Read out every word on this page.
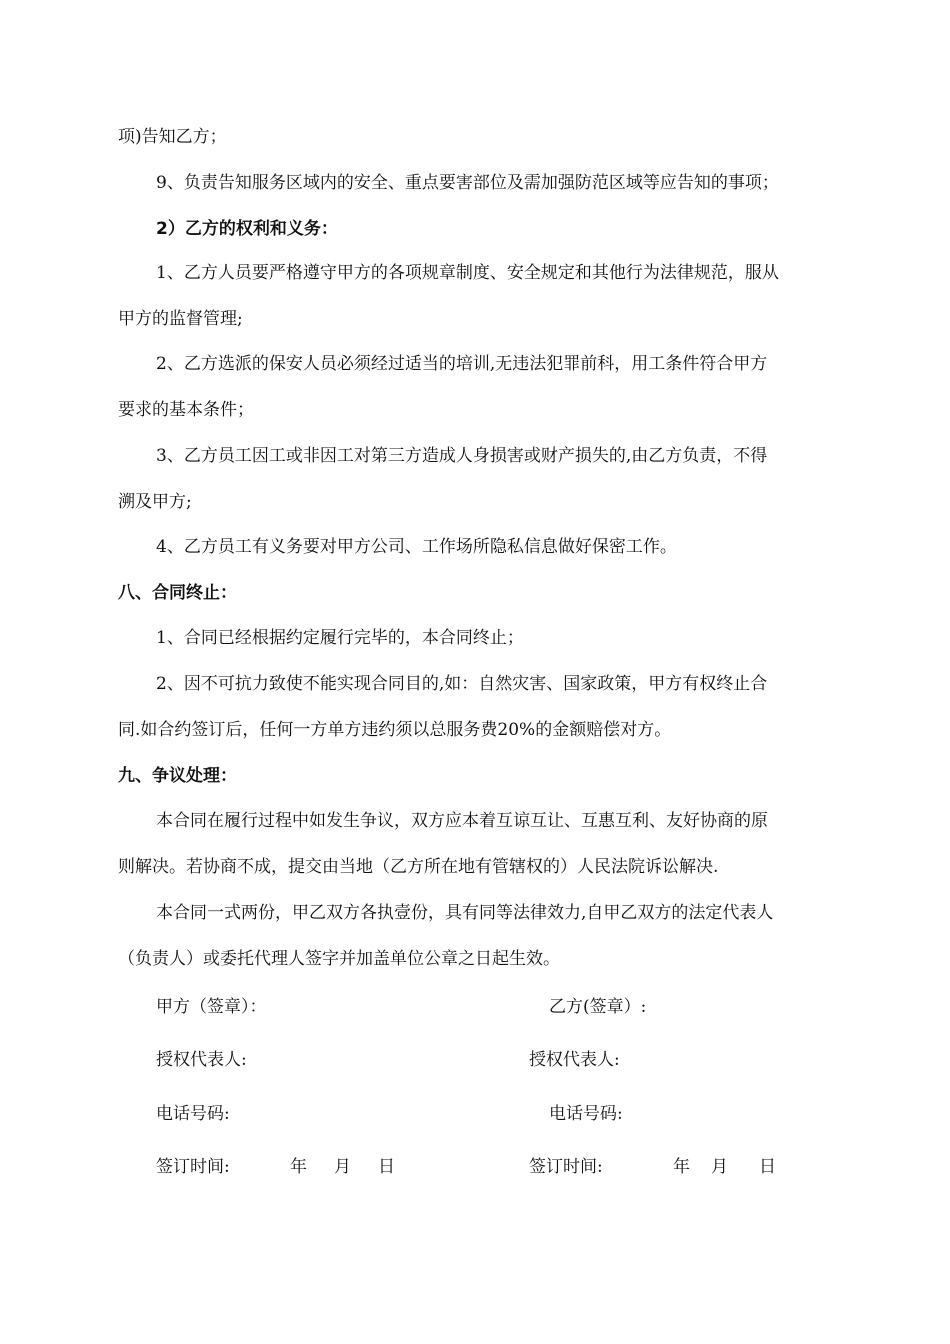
项)告知乙方；
9、负责告知服务区域内的安全、重点要害部位及需加强防范区域等应告知的事项；
2）乙方的权利和义务：
1、乙方人员要严格遵守甲方的各项规章制度、安全规定和其他行为法律规范，服从
甲方的监督管理;
2、乙方选派的保安人员必须经过适当的培训,无违法犯罪前科，用工条件符合甲方
要求的基本条件；
3、乙方员工因工或非因工对第三方造成人身损害或财产损失的,由乙方负责，不得
溯及甲方;
4、乙方员工有义务要对甲方公司、工作场所隐私信息做好保密工作。
八、合同终止：
1、合同已经根据约定履行完毕的，本合同终止；
2、因不可抗力致使不能实现合同目的,如：自然灾害、国家政策，甲方有权终止合
同.如合约签订后，任何一方单方违约须以总服务费20%的金额赔偿对方。
九、争议处理：
本合同在履行过程中如发生争议，双方应本着互谅互让、互惠互利、友好协商的原
则解决。若协商不成，提交由当地（乙方所在地有管辖权的）人民法院诉讼解决.
本合同一式两份，甲乙双方各执壹份，具有同等法律效力,自甲乙双方的法定代表人
（负责人）或委托代理人签字并加盖单位公章之日起生效。
甲方（签章）：
授权代表人:
电话号码:
签订时间:	年 月 日
乙方(签章）:
授权代表人:
电话号码:
签订时间:	年 月 日
